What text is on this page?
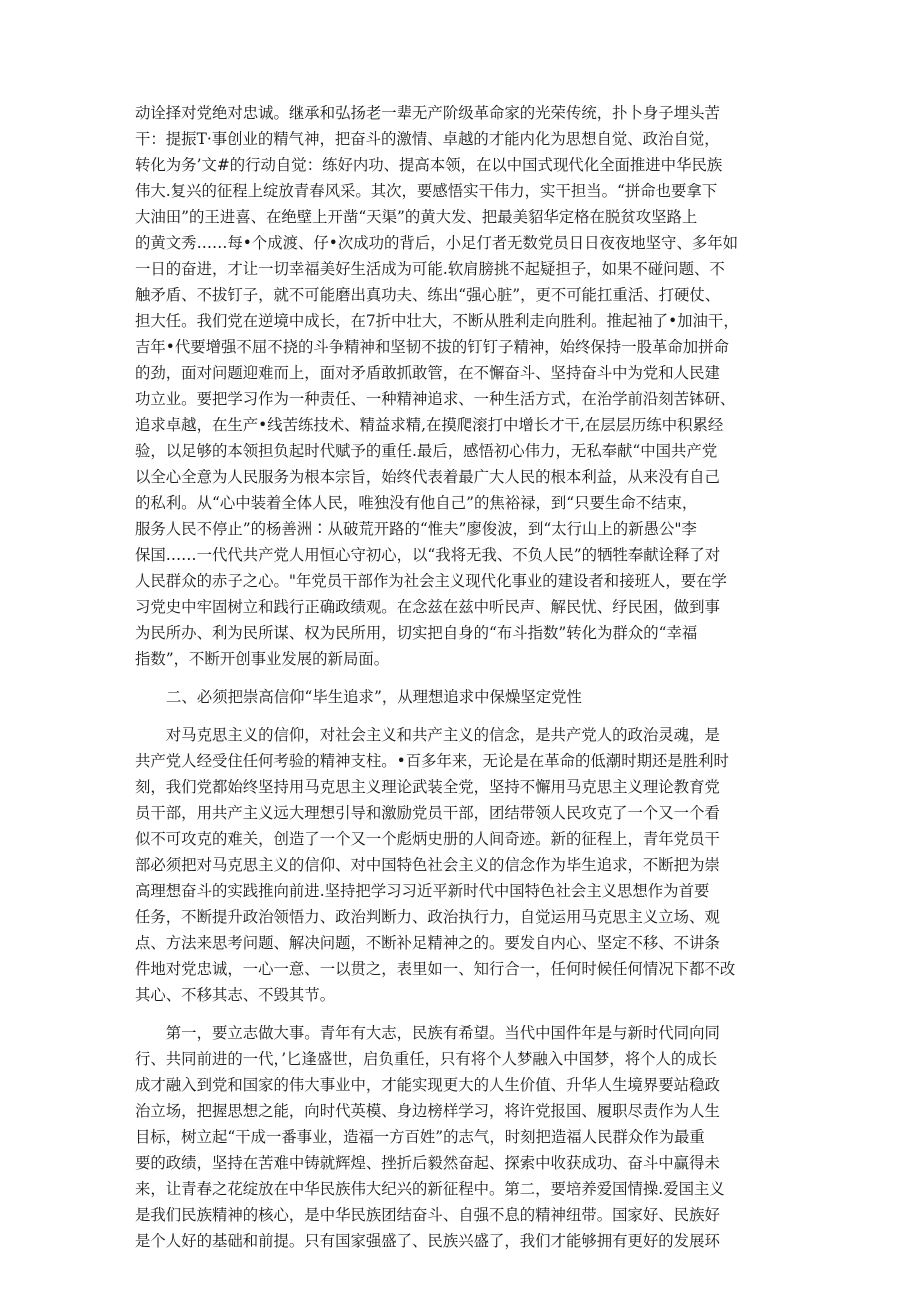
动诠择对党绝对忠诚。继承和弘扬老一辈无产阶级革命家的光荣传统，扑卜身子埋头苦
干：提振T·事创业的精气神，把奋斗的激情、卓越的才能内化为思想自觉、政治自觉，
转化为务’文#的行动自觉：练好内功、提高本领，在以中国式现代化全面推进中华民族
伟大.复兴的征程上绽放青春风采。其次，要感悟实干伟力，实干担当。“拼命也要拿下
大油田”的王进喜、在绝壁上开凿“天渠”的黄大发、把最美貂华定格在脱贫攻坚路上
的黄文秀……每•个成渡、仔•次成功的背后，小足仃者无数党员日日夜夜地坚守、多年如
一日的奋进，才让一切幸福美好生活成为可能.软肩膀挑不起疑担子，如果不碰问题、不
触矛盾、不拔钉子，就不可能磨出真功夫、练出“强心脏”，更不可能扛重活、打硬仗、
担大任。我们党在逆境中成长，在7折中壮大，不断从胜利走向胜利。推起袖了•加油干，
吉年•代要增强不屈不挠的斗争精神和坚韧不拔的钉钉子精神，始终保持一股革命加拼命
的劲，面对问题迎难而上，面对矛盾敢抓敢管，在不懈奋斗、坚持奋斗中为党和人民建
功立业。要把学习作为一种责任、一种精神追求、一种生活方式，在治学前沿刻苦钵研、
追求卓越，在生产•线苦练技术、精益求精,在摸爬滚打中增长才干,在层层历练中积累经
验，以足够的本领担负起时代赋予的重任.最后，感悟初心伟力，无私奉献“中国共产党
以全心全意为人民服务为根本宗旨，始终代表着最广大人民的根本利益，从来没有自己
的私利。从“心中装着全体人民，唯独没有他自己”的焦裕禄，到“只要生命不结束，
服务人民不停止”的杨善洲∶从破荒开路的“惟夫”廖俊波，到“太行山上的新愚公"李
保国……一代代共产党人用恒心守初心，以“我将无我、不负人民”的牺牲奉献诠释了对
人民群众的赤子之心。"年党员干部作为社会主义现代化事业的建设者和接班人，要在学
习党史中牢固树立和践行正确政绩观。在念兹在兹中听民声、解民忧、纾民困，做到事
为民所办、利为民所谋、权为民所用，切实把自身的“布斗指数”转化为群众的“幸福
指数”，不断开创事业发展的新局面。
二、必须把崇高信仰“毕生追求”，从理想追求中保燥坚定党性
　　对马克思主义的信仰，对社会主义和共产主义的信念，是共产党人的政治灵魂，是
共产党人经受住任何考验的精神支柱。•百多年来，无论是在革命的低潮时期还是胜利时
刻，我们党都始终坚持用马克思主义理论武装全党，坚持不懈用马克思主义理论教育党
员干部，用共产主义远大理想引导和激励党员干部，团结带领人民攻克了一个又一个看
似不可攻克的难关，创造了一个又一个彪炳史册的人间奇迹。新的征程上，青年党员干
部必须把对马克思主义的信仰、对中国特色社会主义的信念作为毕生追求，不断把为崇
高理想奋斗的实践推向前进.坚持把学习习近平新时代中国特色社会主义思想作为首要
任务，不断提升政治领悟力、政治判断力、政治执行力，自觉运用马克思主义立场、观
点、方法来思考问题、解决问题，不断补足精神之的。要发自内心、坚定不移、不讲条
件地对党忠诚，一心一意、一以贯之，表里如一、知行合一，任何时候任何情况下都不改
其心、不移其志、不毁其节。
　　第一，要立志做大事。青年有大志，民族有希望。当代中国件年是与新时代同向同
行、共同前进的一代，’匕逢盛世，启负重任，只有将个人梦融入中国梦，将个人的成长
成才融入到党和国家的伟大事业中，才能实现更大的人生价值、升华人生境界要站稳政
治立场，把握思想之能，向时代英模、身边榜样学习，将许党报国、履职尽责作为人生
目标，树立起“干成一番事业，造福一方百姓”的志气，时刻把造福人民群众作为最重
要的政绩，坚持在苦难中铸就辉煌、挫折后毅然奋起、探索中收获成功、奋斗中赢得未
来，让青春之花绽放在中华民族伟大纪兴的新征程中。第二，要培养爱国情操.爱国主义
是我们民族精神的核心，是中华民族团结奋斗、自强不息的精神纽带。国家好、民族好
是个人好的基础和前提。只有国家强盛了、民族兴盛了，我们才能够拥有更好的发展环
